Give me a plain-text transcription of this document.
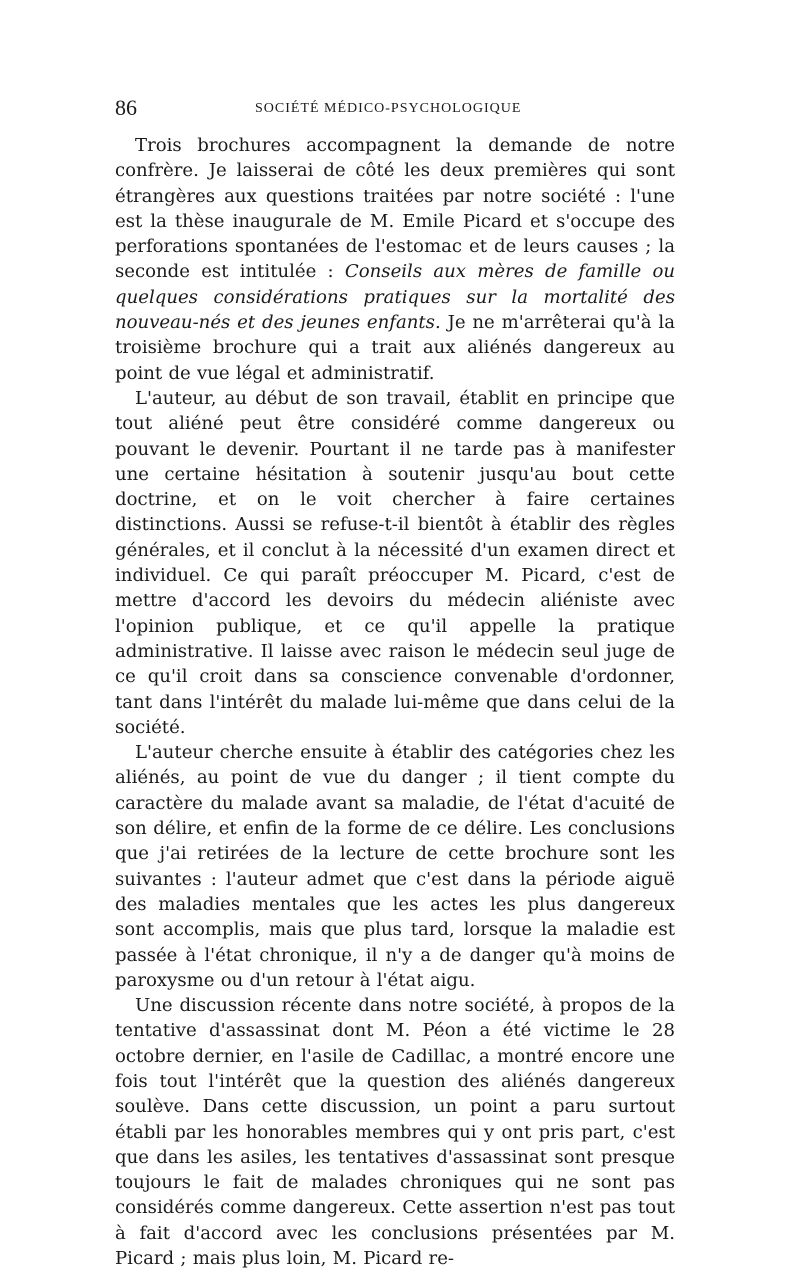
86	SOCIÉTÉ MÉDICO-PSYCHOLOGIQUE

Trois brochures accompagnent la demande de notre confrère. Je laisserai de côté les deux premières qui sont étrangères aux questions traitées par notre société : l'une est la thèse inaugurale de M. Emile Picard et s'occupe des perforations spontanées de l'estomac et de leurs causes ; la seconde est intitulée : Conseils aux mères de famille ou quelques considérations pratiques sur la mortalité des nouveau-nés et des jeunes enfants. Je ne m'arrêterai qu'à la troisième brochure qui a trait aux aliénés dangereux au point de vue légal et administratif.

L'auteur, au début de son travail, établit en principe que tout aliéné peut être considéré comme dangereux ou pouvant le devenir. Pourtant il ne tarde pas à manifester une certaine hésitation à soutenir jusqu'au bout cette doctrine, et on le voit chercher à faire certaines distinctions. Aussi se refuse-t-il bientôt à établir des règles générales, et il conclut à la nécessité d'un examen direct et individuel. Ce qui paraît préoccuper M. Picard, c'est de mettre d'accord les devoirs du médecin aliéniste avec l'opinion publique, et ce qu'il appelle la pratique administrative. Il laisse avec raison le médecin seul juge de ce qu'il croit dans sa conscience convenable d'ordonner, tant dans l'intérêt du malade lui-même que dans celui de la société.

L'auteur cherche ensuite à établir des catégories chez les aliénés, au point de vue du danger ; il tient compte du caractère du malade avant sa maladie, de l'état d'acuité de son délire, et enfin de la forme de ce délire. Les conclusions que j'ai retirées de la lecture de cette brochure sont les suivantes : l'auteur admet que c'est dans la période aiguë des maladies mentales que les actes les plus dangereux sont accomplis, mais que plus tard, lorsque la maladie est passée à l'état chronique, il n'y a de danger qu'à moins de paroxysme ou d'un retour à l'état aigu.

Une discussion récente dans notre société, à propos de la tentative d'assassinat dont M. Péon a été victime le 28 octobre dernier, en l'asile de Cadillac, a montré encore une fois tout l'intérêt que la question des aliénés dangereux soulève. Dans cette discussion, un point a paru surtout établi par les honorables membres qui y ont pris part, c'est que dans les asiles, les tentatives d'assassinat sont presque toujours le fait de malades chroniques qui ne sont pas considérés comme dangereux. Cette assertion n'est pas tout à fait d'accord avec les conclusions présentées par M. Picard ; mais plus loin, M. Picard re-
